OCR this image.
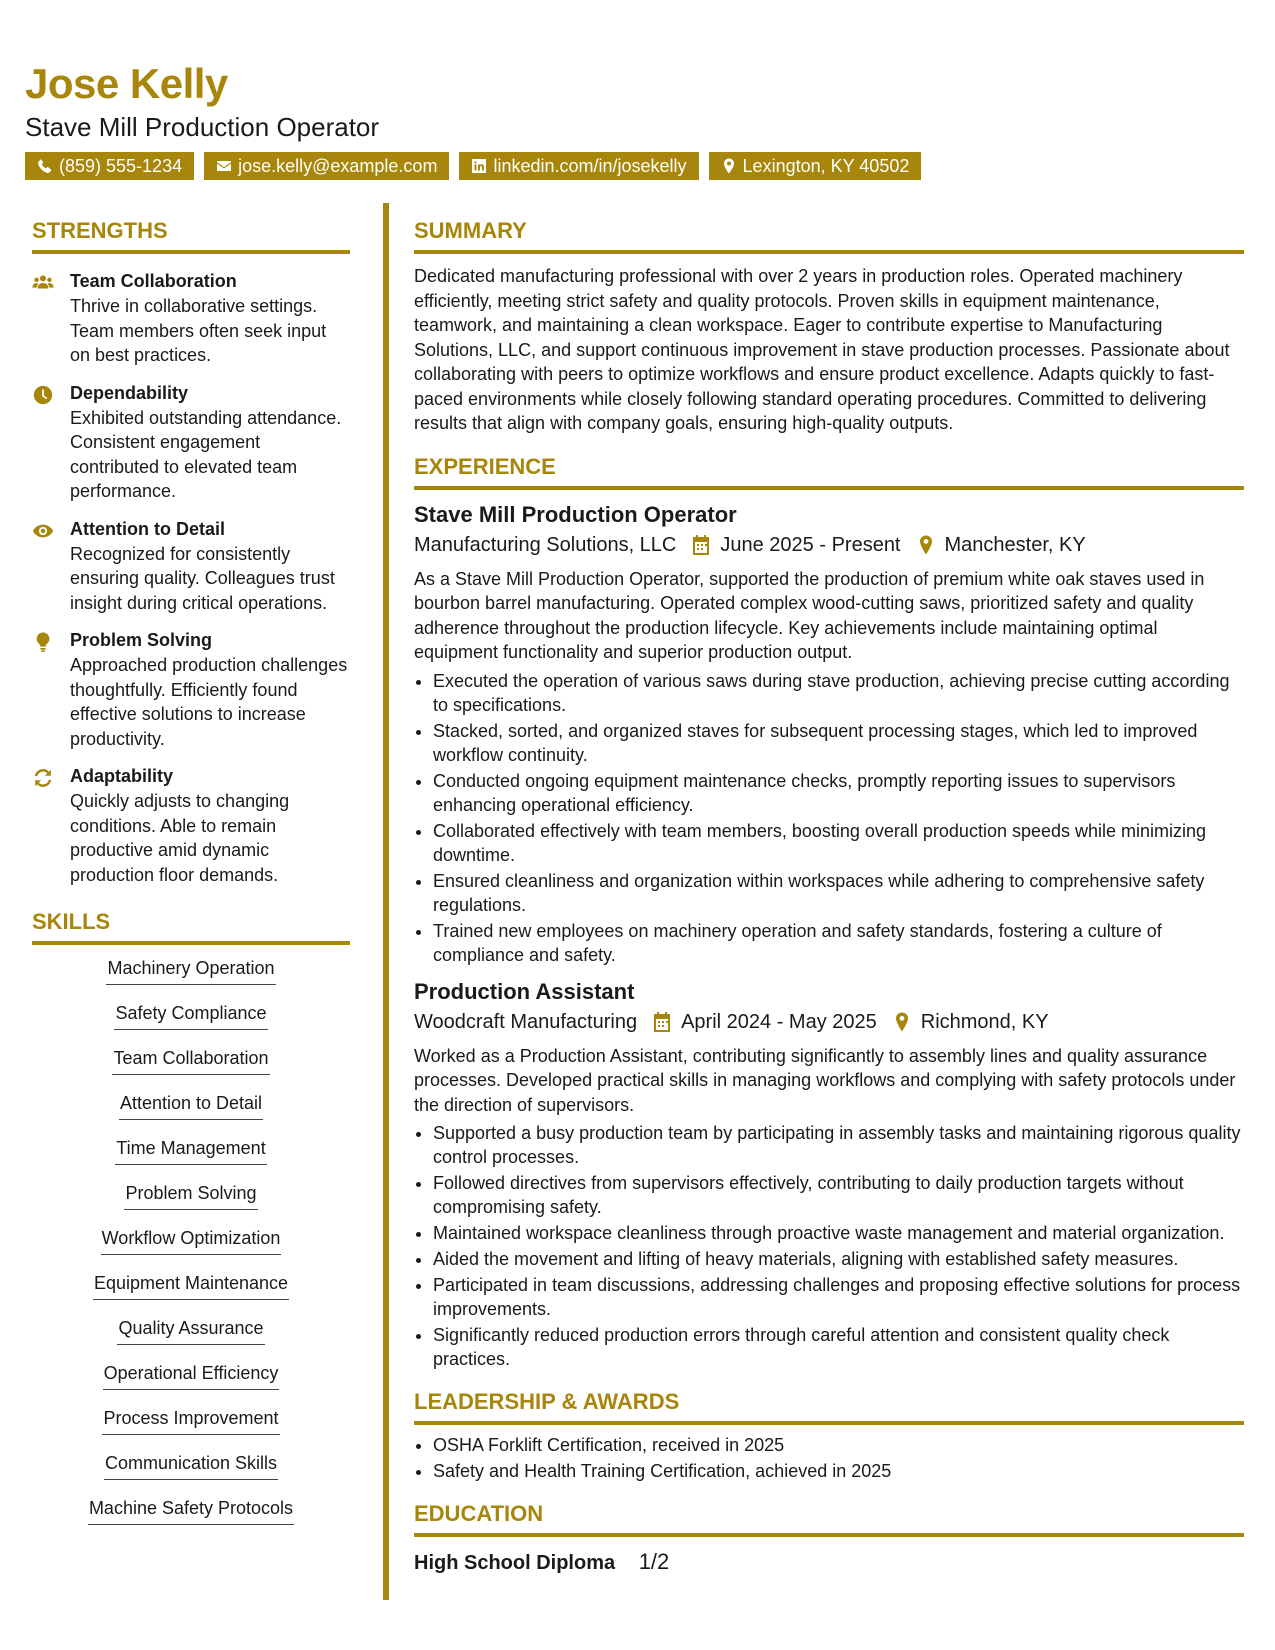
Jose Kelly
Stave Mill Production Operator
(859) 555-1234	jose.kelly@example.com	linkedin.com/in/josekelly	Lexington, KY 40502
STRENGTHS

Team Collaboration

Thrive in collaborative settings. Team members often seek input on best practices.

Dependability

Exhibited outstanding attendance. Consistent engagement contributed to elevated team performance.

Attention to Detail

Recognized for consistently ensuring quality. Colleagues trust insight during critical operations.

Problem Solving

Approached production challenges thoughtfully. Efficiently found effective solutions to increase productivity.

Adaptability

Quickly adjusts to changing conditions. Able to remain productive amid dynamic production floor demands.

SKILLS
Machinery Operation
Safety Compliance
Team Collaboration
Attention to Detail
Time Management
Problem Solving
Workflow Optimization
Equipment Maintenance
Quality Assurance
Operational Efficiency
Process Improvement
Communication Skills
Machine Safety Protocols
SUMMARY

Dedicated manufacturing professional with over 2 years in production roles. Operated machinery efficiently, meeting strict safety and quality protocols. Proven skills in equipment maintenance, teamwork, and maintaining a clean workspace. Eager to contribute expertise to Manufacturing Solutions, LLC, and support continuous improvement in stave production processes. Passionate about collaborating with peers to optimize workflows and ensure product excellence. Adapts quickly to fast-paced environments while closely following standard operating procedures. Committed to delivering results that align with company goals, ensuring high-quality outputs.

EXPERIENCE

Stave Mill Production Operator

Manufacturing Solutions, LLC June 2025 - Present Manchester, KY

As a Stave Mill Production Operator, supported the production of premium white oak staves used in bourbon barrel manufacturing. Operated complex wood-cutting saws, prioritized safety and quality adherence throughout the production lifecycle. Key achievements include maintaining optimal equipment functionality and superior production output.

• Executed the operation of various saws during stave production, achieving precise cutting according to specifications.
• Stacked, sorted, and organized staves for subsequent processing stages, which led to improved workflow continuity.
• Conducted ongoing equipment maintenance checks, promptly reporting issues to supervisors enhancing operational efficiency.
• Collaborated effectively with team members, boosting overall production speeds while minimizing downtime.
• Ensured cleanliness and organization within workspaces while adhering to comprehensive safety regulations.
• Trained new employees on machinery operation and safety standards, fostering a culture of compliance and safety.

Production Assistant

Woodcraft Manufacturing April 2024 - May 2025 Richmond, KY

Worked as a Production Assistant, contributing significantly to assembly lines and quality assurance processes. Developed practical skills in managing workflows and complying with safety protocols under the direction of supervisors.

• Supported a busy production team by participating in assembly tasks and maintaining rigorous quality control processes.
• Followed directives from supervisors effectively, contributing to daily production targets without compromising safety.
• Maintained workspace cleanliness through proactive waste management and material organization.
• Aided the movement and lifting of heavy materials, aligning with established safety measures.
• Participated in team discussions, addressing challenges and proposing effective solutions for process improvements.
• Significantly reduced production errors through careful attention and consistent quality check practices.
LEADERSHIP & AWARDS
• OSHA Forklift Certification, received in 2025
• Safety and Health Training Certification, achieved in 2025
EDUCATION

High School Diploma 1/2
